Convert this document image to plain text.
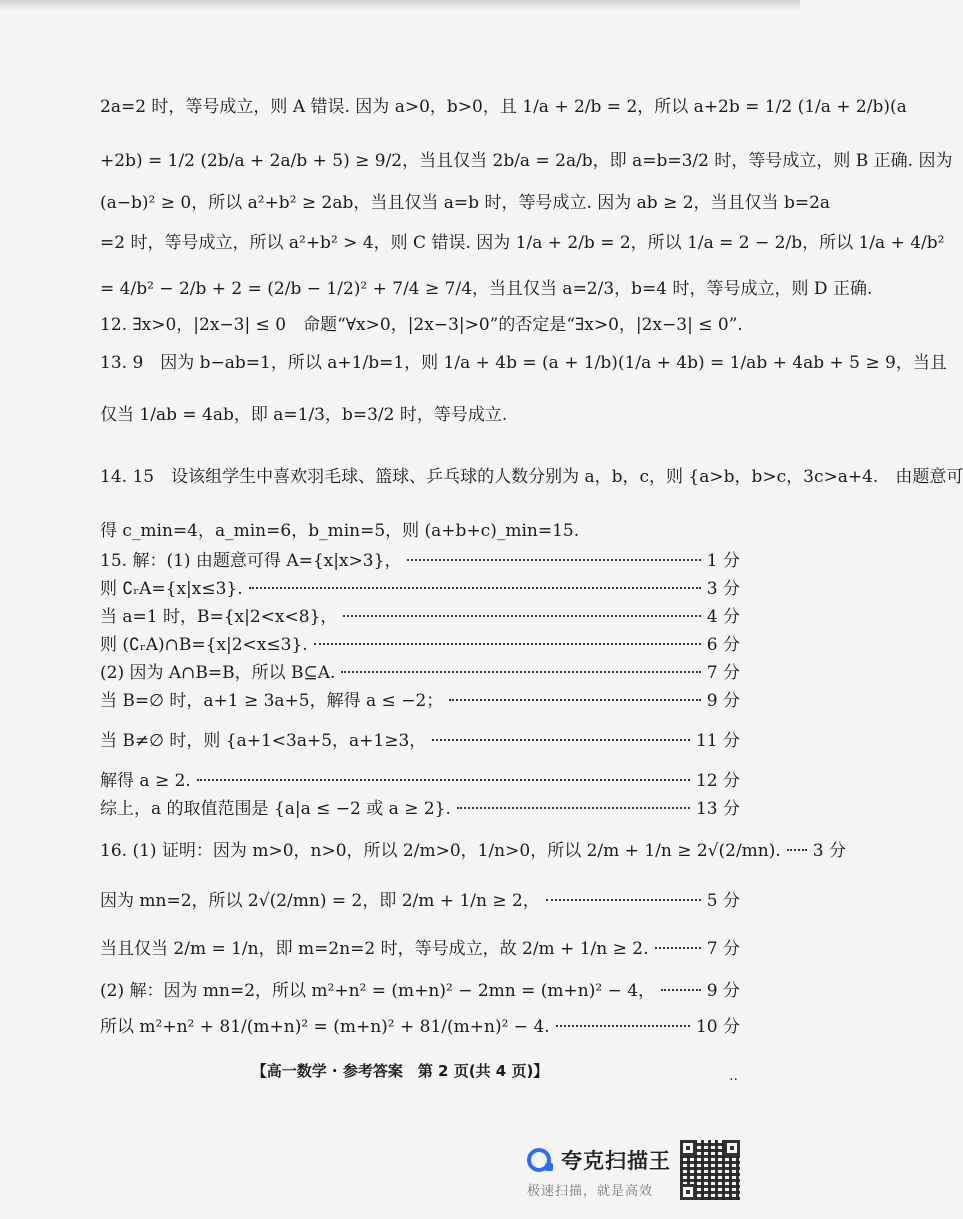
2a=2 时，等号成立，则 A 错误. 因为 a>0，b>0，且 1/a + 2/b = 2，所以 a+2b = 1/2 (1/a + 2/b)(a
+2b) = 1/2 (2b/a + 2a/b + 5) ≥ 9/2，当且仅当 2b/a = 2a/b，即 a=b=3/2 时，等号成立，则 B 正确. 因为
(a−b)² ≥ 0，所以 a²+b² ≥ 2ab，当且仅当 a=b 时，等号成立. 因为 ab ≥ 2，当且仅当 b=2a
=2 时，等号成立，所以 a²+b² > 4，则 C 错误. 因为 1/a + 2/b = 2，所以 1/a = 2 − 2/b，所以 1/a + 4/b²
= 4/b² − 2/b + 2 = (2/b − 1/2)² + 7/4 ≥ 7/4，当且仅当 a=2/3，b=4 时，等号成立，则 D 正确.
12. ∃x>0，|2x−3| ≤ 0　命题“∀x>0，|2x−3|>0”的否定是“∃x>0，|2x−3| ≤ 0”.
13. 9　因为 b−ab=1，所以 a+1/b=1，则 1/a + 4b = (a + 1/b)(1/a + 4b) = 1/ab + 4ab + 5 ≥ 9，当且
仅当 1/ab = 4ab，即 a=1/3，b=3/2 时，等号成立.
14. 15　设该组学生中喜欢羽毛球、篮球、乒乓球的人数分别为 a，b，c，则 {a>b，b>c，3c>a+4.　由题意可
得 c_min=4，a_min=6，b_min=5，则 (a+b+c)_min=15.
15. 解：(1) 由题意可得 A={x|x>3}，	1 分
则 ∁ᵣA={x|x≤3}.	3 分
当 a=1 时，B={x|2<x<8}，	4 分
则 (∁ᵣA)∩B={x|2<x≤3}.	6 分
(2) 因为 A∩B=B，所以 B⊆A.	7 分
当 B=∅ 时，a+1 ≥ 3a+5，解得 a ≤ −2；	9 分
当 B≠∅ 时，则 {a+1<3a+5，a+1≥3，	11 分
解得 a ≥ 2.	12 分
综上，a 的取值范围是 {a|a ≤ −2 或 a ≥ 2}.	13 分
16. (1) 证明：因为 m>0，n>0，所以 2/m>0，1/n>0，所以 2/m + 1/n ≥ 2√(2/mn). 3 分
因为 mn=2，所以 2√(2/mn) = 2，即 2/m + 1/n ≥ 2，	5 分
当且仅当 2/m = 1/n，即 m=2n=2 时，等号成立，故 2/m + 1/n ≥ 2.	7 分
(2) 解：因为 mn=2，所以 m²+n² = (m+n)² − 2mn = (m+n)² − 4，	9 分
所以 m²+n² + 81/(m+n)² = (m+n)² + 81/(m+n)² − 4.	10 分
【高一数学 · 参考答案　第 2 页(共 4 页)】	..
夸克扫描王
极速扫描，就是高效
